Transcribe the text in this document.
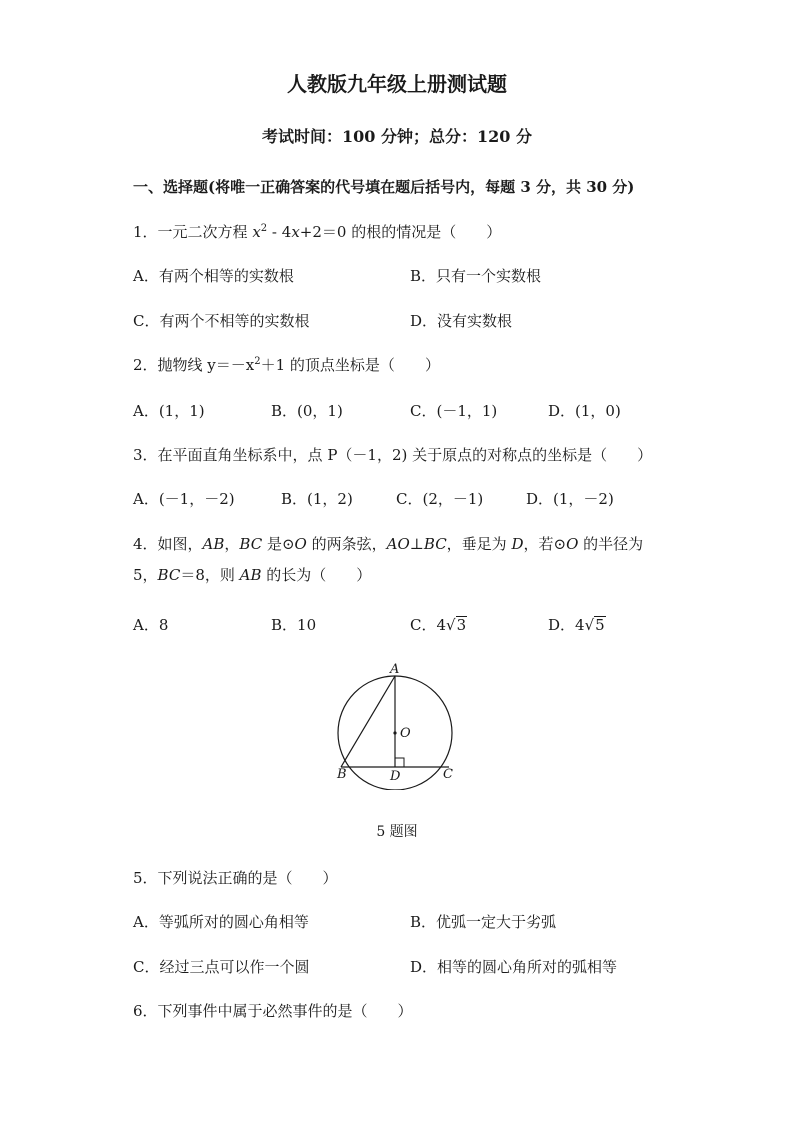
人教版九年级上册测试题
考试时间：100 分钟；总分：120 分
一、选择题(将唯一正确答案的代号填在题后括号内，每题 3 分，共 30 分)
1．一元二次方程 $x^2 - 4x+2=0$ 的根的情况是（　　）
A．有两个相等的实数根	B．只有一个实数根
C．有两个不相等的实数根	D．没有实数根
2．抛物线 $y=-x^2+1$ 的顶点坐标是（　　）
A．(1，1)	B．(0，1)	C．(－1，1)	D．(1，0)
3．在平面直角坐标系中，点 P（－1，2) 关于原点的对称点的坐标是（　　）
A．(－1，－2)	B．(1，2)	C．(2，－1)	D．(1，－2)
4．如图，AB，BC 是⊙O 的两条弦，AO⊥BC，垂足为 D，若⊙O 的半径为
5，BC＝8，则 AB 的长为（　　）
A．8	B．10	C．4√3	D．4√5
A
O
B	D	C
5 题图
5．下列说法正确的是（　　）
A．等弧所对的圆心角相等	B．优弧一定大于劣弧
C．经过三点可以作一个圆	D．相等的圆心角所对的弧相等
6．下列事件中属于必然事件的是（　　）
